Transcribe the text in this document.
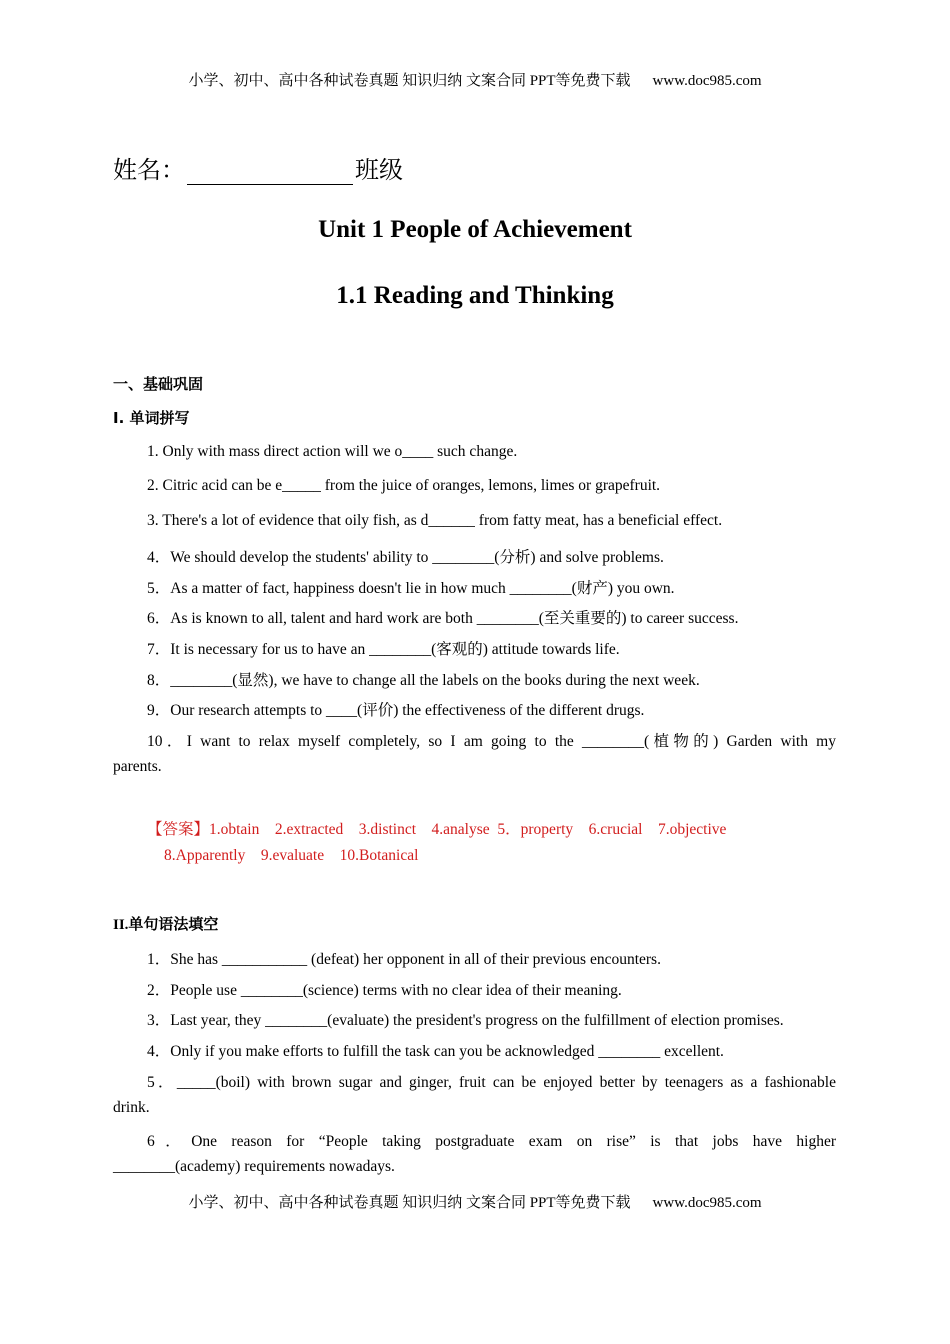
小学、初中、高中各种试卷真题 知识归纳 文案合同 PPT等免费下载 www.doc985.com
姓名：	班级
Unit 1 People of Achievement
1.1 Reading and Thinking
一、基础巩固
I. 单词拼写
1. Only with mass direct action will we o____ such change.
2. Citric acid can be e_____ from the juice of oranges, lemons, limes or grapefruit.
3. There's a lot of evidence that oily fish, as d______ from fatty meat, has a beneficial effect.
4．We should develop the students' ability to ________(分析) and solve problems.
5．As a matter of fact, happiness doesn't lie in how much ________(财产) you own.
6．As is known to all, talent and hard work are both ________(至关重要的) to career success.
7．It is necessary for us to have an ________(客观的) attitude towards life.
8．________(显然), we have to change all the labels on the books during the next week.
9．Our research attempts to ____(评价) the effectiveness of the different drugs.
10．I want to relax myself completely, so I am going to the ________(植物的) Garden with my
parents.
【答案】1.obtain    2.extracted    3.distinct    4.analyse  5．property    6.crucial    7.objective
8.Apparently    9.evaluate    10.Botanical
II.单句语法填空
1．She has ___________ (defeat) her opponent in all of their previous encounters.
2．People use ________(science) terms with no clear idea of their meaning.
3．Last year, they ________(evaluate) the president's progress on the fulfillment of election promises.
4．Only if you make efforts to fulfill the task can you be acknowledged ________ excellent.
5．_____(boil) with brown sugar and ginger, fruit can be enjoyed better by teenagers as a fashionable
drink.
6．One reason for “People taking postgraduate exam on rise” is that jobs have higher
________(academy) requirements nowadays.
小学、初中、高中各种试卷真题 知识归纳 文案合同 PPT等免费下载 www.doc985.com
